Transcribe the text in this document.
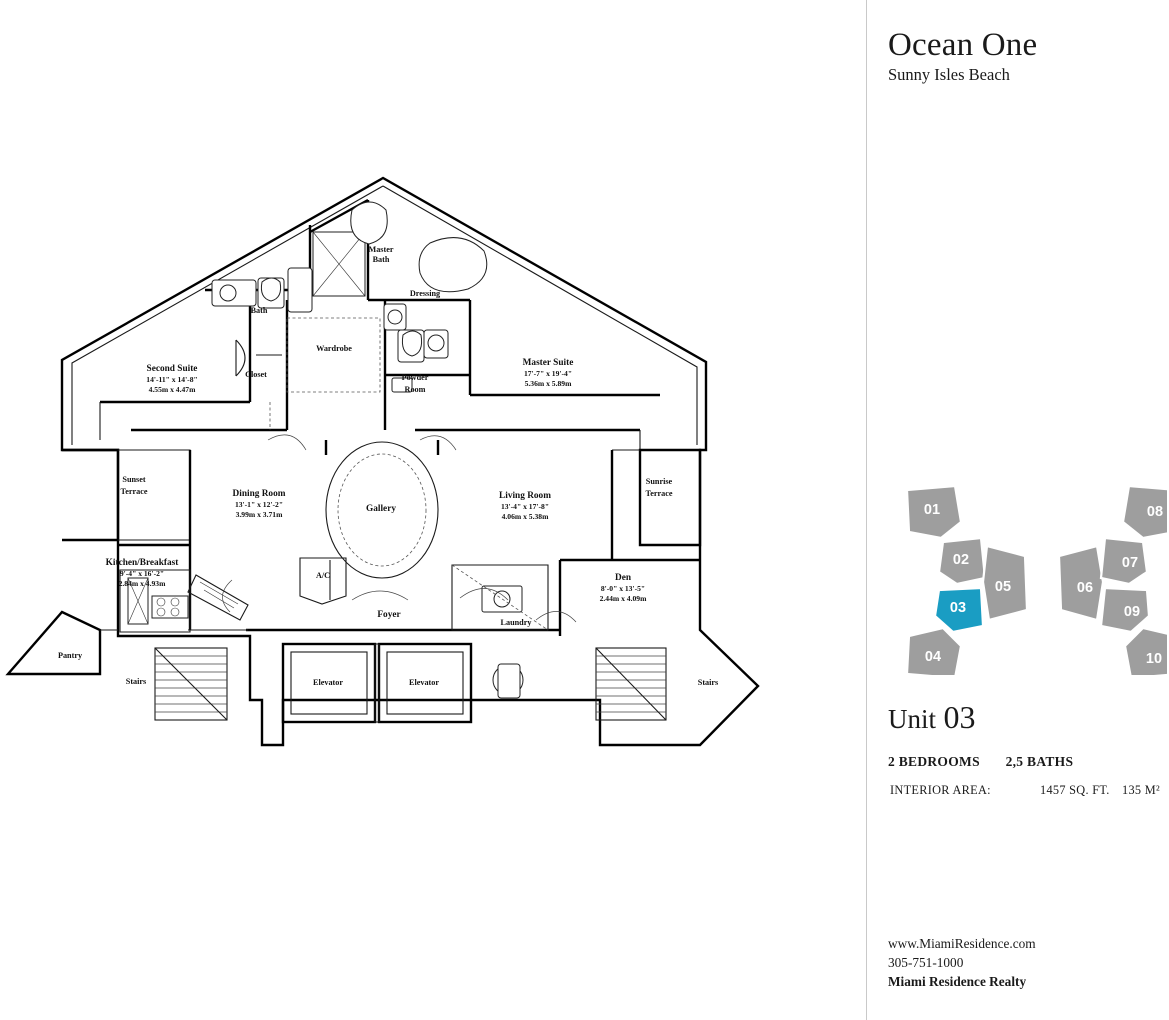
Second Suite
14'-11" x 14'-8"
4.55m x 4.47m
Master Suite
17'-7" x 19'-4"
5.36m x 5.89m
Dining Room
13'-1" x 12'-2"
3.99m x 3.71m
Living Room
13'-4" x 17'-8"
4.06m x 5.38m
Kitchen/Breakfast
9'-4" x 16'-2"
2.84m x 4.93m
Den
8'-0" x 13'-5"
2.44m x 4.09m
Master
Bath
Bath
Dressing
Wardrobe
Closet	Powder
Room
Sunset
Terrace
Sunrise
Terrace
Gallery
A/C
Foyer
Laundry
Pantry
Stairs	Elevator	Elevator	Stairs
Ocean One
Sunny Isles Beach
01
02
03
04
05	06
07
08
09
10
Unit 03
2 BEDROOMS 2,5 BATHS
INTERIOR AREA:	1457 SQ. FT.	135 M²
www.MiamiResidence.com
305-751-1000
Miami Residence Realty
